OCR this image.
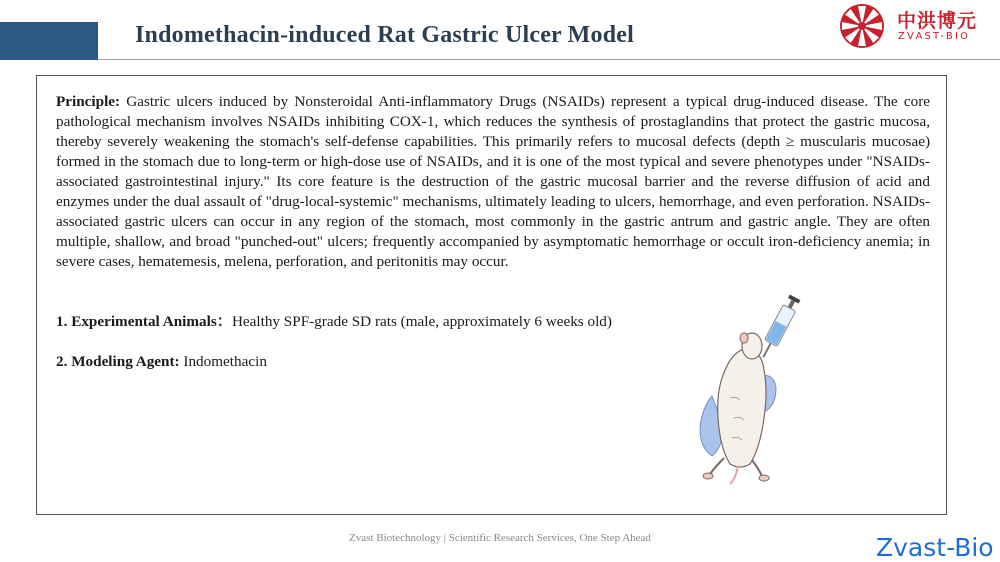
Indomethacin-induced Rat Gastric Ulcer Model
中洪博元
ZVAST-BIO
Principle: Gastric ulcers induced by Nonsteroidal Anti-inflammatory Drugs (NSAIDs) represent a typical drug-induced disease. The core pathological mechanism involves NSAIDs inhibiting COX-1, which reduces the synthesis of prostaglandins that protect the gastric mucosa, thereby severely weakening the stomach's self-defense capabilities. This primarily refers to mucosal defects (depth ≥ muscularis mucosae) formed in the stomach due to long-term or high-dose use of NSAIDs, and it is one of the most typical and severe phenotypes under "NSAIDs-associated gastrointestinal injury." Its core feature is the destruction of the gastric mucosal barrier and the reverse diffusion of acid and enzymes under the dual assault of "drug-local-systemic" mechanisms, ultimately leading to ulcers, hemorrhage, and even perforation. NSAIDs-associated gastric ulcers can occur in any region of the stomach, most commonly in the gastric antrum and gastric angle. They are often multiple, shallow, and broad "punched-out" ulcers; frequently accompanied by asymptomatic hemorrhage or occult iron-deficiency anemia; in severe cases, hematemesis, melena, perforation, and peritonitis may occur.
1. Experimental Animals：Healthy SPF-grade SD rats (male, approximately 6 weeks old)
2. Modeling Agent: Indomethacin
Zvast Biotechnology | Scientific Research Services, One Step Ahead	Zvast-Bio
